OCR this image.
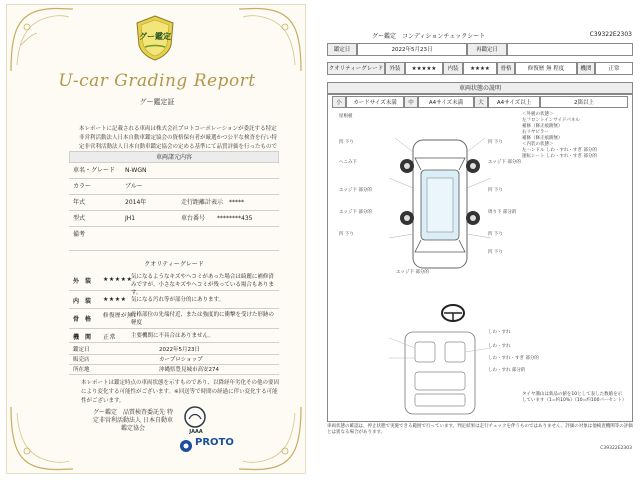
グー鑑定
U-car Grading Report
グー鑑定証
本レポートに記載される車両は株式会社プロトコーポレーションが委託する特定非営利活動法人日本自動車鑑定協会の資格保有者が厳選かつ公平な検査を行い特定非営利活動法人日本自動車鑑定協会の定める基準にて品質評価を行ったもので
車両諸元内容
車名・グレード N-WGN
カラー	ブルー
年式	2014年	走行距離計表示 *****
型式	JH1	車台番号 ********435
備考
クオリティーグレード
外　装 ★★★★★
気になるようなキズやヘコミがあった場合は綺麗に補修済みですが、小さなキズやヘコミが残っている場合もあります。
内　装 ★★★★ 気になる汚れ等が部分的にあります。
骨　格 修復歴が無い
骨格部位の先端付近、または強度的に衝撃を受けた形跡の軽度
機　関 正常	主要機関に不具合はありません。
鑑定日	2022年5月23日
販売店	カープロショップ
所在地	沖縄県豊見城市高安274
本レポートは鑑定時点の車両状態を示すものであり、以降経年劣化その他の要因により変化する可能性がございます。※回送等で時間の経過に伴い変化する可能性がございます。
グー鑑定　品質検査委託先 特定非営利活動法人 日本自動車鑑定協会	JAAA
PROTO
グー鑑定　コンディションチェックシート	C39322E2303
鑑定日	2022年5月23日	再鑑定日
クオリティーグレード	外装	★★★★★	内装	★★★★	骨格	修復歴 無 程度	機関	正常
車両状態の説明
小	カードサイズ未満	中	A4サイズ未満	大	A4サイズ以上	2箇以上
屋根板
凹 下り	凹 下り
へこみ下	エッジ下 部分的
エッジ下 部分的	凹 下り
エッジ下 部分的	周り下 部分的
凹 下り	凹 下り
凹 下り
エッジ下 部分的
＜外板の状態＞
左フロントインサイドパネル
補修（修正痕跡無）
右リヤピラー
補修（修正痕跡無）
＜内装の状態＞
左ハンドル しわ・すれ・すぎ 部分的
運転シート しわ・すれ・すぎ 部分的
タイヤ溝山は新品の値を10として表した数値を示しています（1=約10%）（10=約100パーセント）
しわ・すれ
しわ・すれ
しわ・すれ・すぎ 部分的
しわ・すれ 部分的
車両状態の確認は、停止状態で実施できる範囲で行っています。判定結果は走行チェックを伴うものではありません。評価の対象は他検査機関等の評価とは異なる場合があります。
C39322E2303
